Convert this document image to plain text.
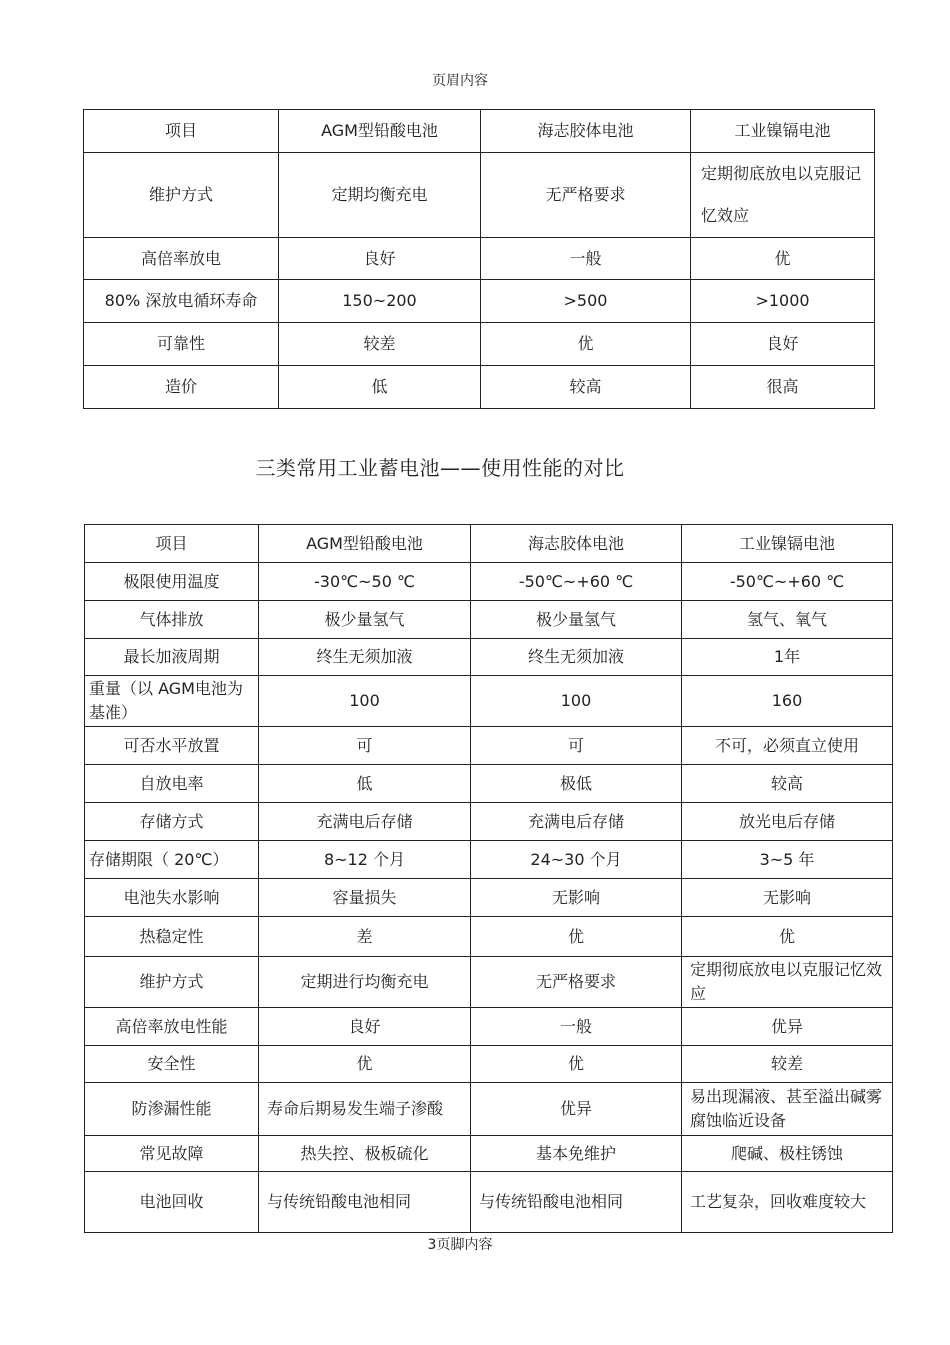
页眉内容
项目	AGM型铅酸电池	海志胶体电池	工业镍镉电池
维护方式	定期均衡充电	无严格要求	定期彻底放电以克服记忆效应
高倍率放电	良好	一般	优
80% 深放电循环寿命	150~200	>500	>1000
可靠性	较差	优	良好
造价	低	较高	很高
三类常用工业蓄电池——使用性能的对比
项目	AGM型铅酸电池	海志胶体电池	工业镍镉电池
极限使用温度	-30℃~50 ℃	-50℃~+60 ℃	-50℃~+60 ℃
气体排放	极少量氢气	极少量氢气	氢气、氧气
最长加液周期	终生无须加液	终生无须加液	1年
重量（以 AGM电池为基准）	100	100	160
可否水平放置	可	可	不可，必须直立使用
自放电率	低	极低	较高
存储方式	充满电后存储	充满电后存储	放光电后存储
存储期限（ 20℃）	8~12 个月	24~30 个月	3~5 年
电池失水影响	容量损失	无影响	无影响
热稳定性	差	优	优
维护方式	定期进行均衡充电	无严格要求	定期彻底放电以克服记忆效应
高倍率放电性能	良好	一般	优异
安全性	优	优	较差
防渗漏性能	寿命后期易发生端子渗酸	优异	易出现漏液、甚至溢出碱雾腐蚀临近设备
常见故障	热失控、极板硫化	基本免维护	爬碱、极柱锈蚀
电池回收	与传统铅酸电池相同	与传统铅酸电池相同	工艺复杂，回收难度较大
3页脚内容
